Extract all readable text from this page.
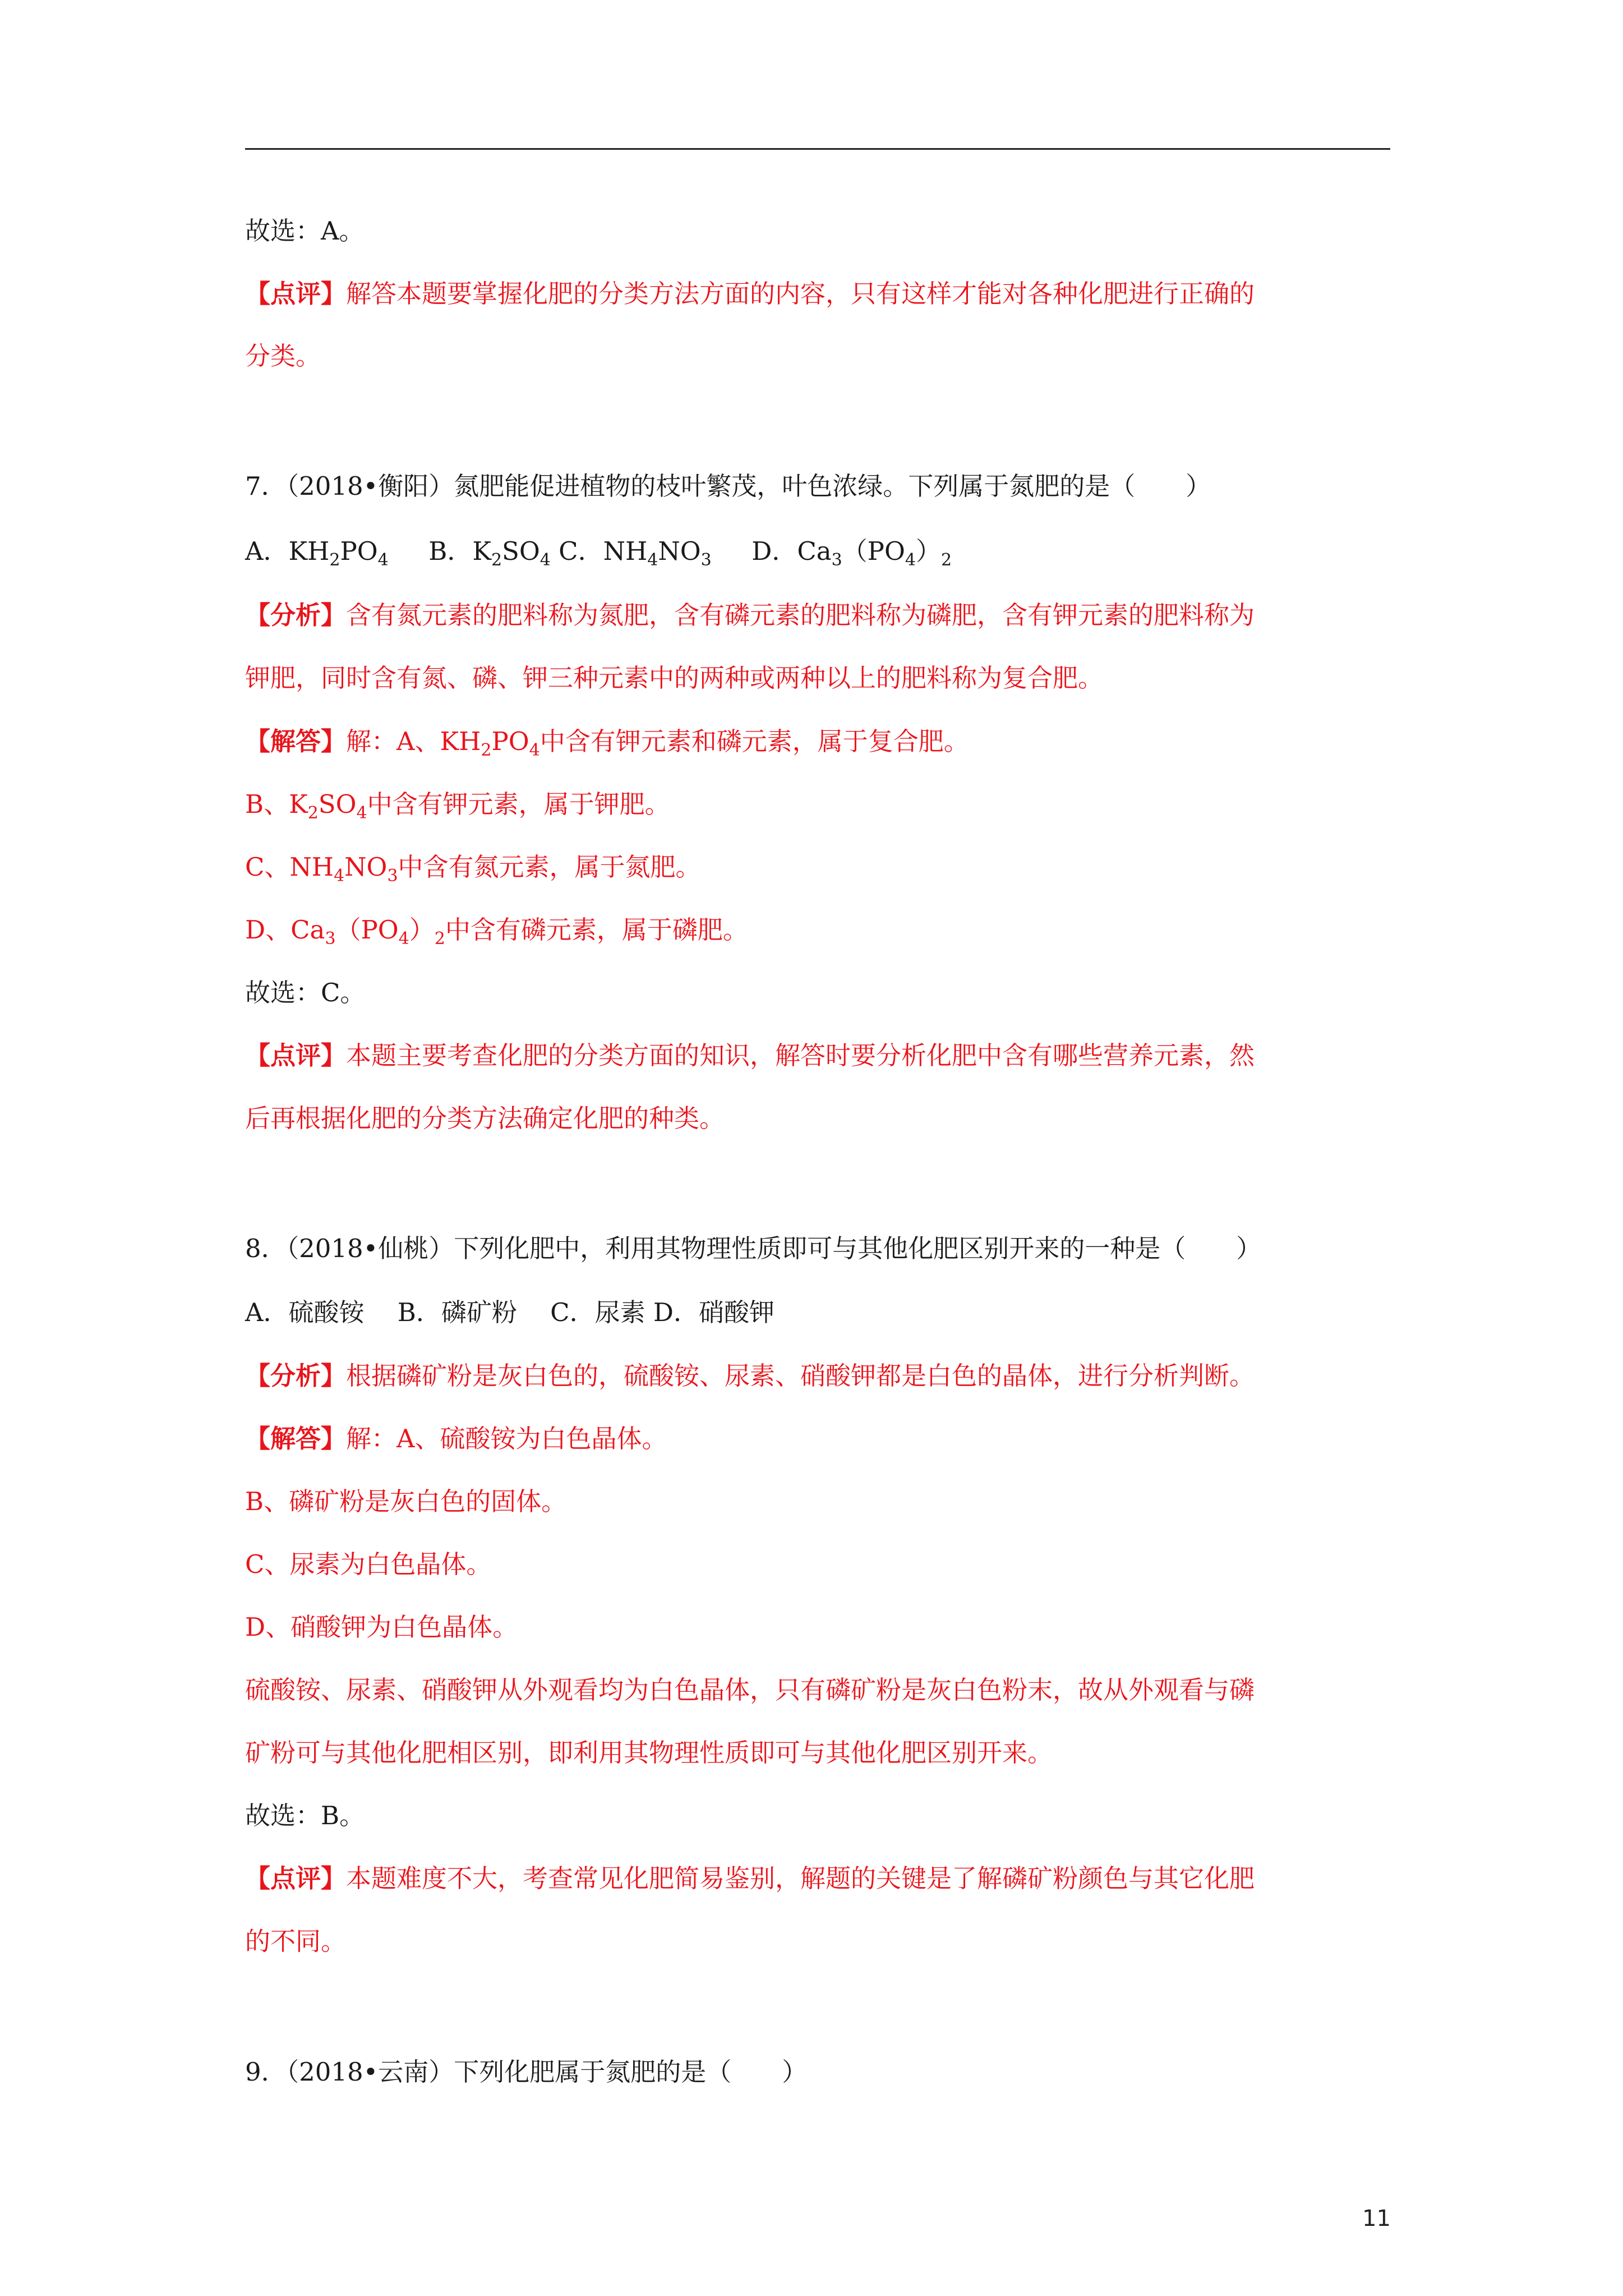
故选：A。
【点评】解答本题要掌握化肥的分类方法方面的内容，只有这样才能对各种化肥进行正确的
分类。
7．（2018•衡阳）氮肥能促进植物的枝叶繁茂，叶色浓绿。下列属于氮肥的是（　　）
A．$KH_2PO_4$ B．$K_2SO_4$ C．$NH_4NO_3$ D．$Ca_3(PO_4)_2$
【分析】含有氮元素的肥料称为氮肥，含有磷元素的肥料称为磷肥，含有钾元素的肥料称为
钾肥，同时含有氮、磷、钾三种元素中的两种或两种以上的肥料称为复合肥。
【解答】解：A、$KH_2PO_4$中含有钾元素和磷元素，属于复合肥。
B、$K_2SO_4$中含有钾元素，属于钾肥。
C、$NH_4NO_3$中含有氮元素，属于氮肥。
D、$Ca_3(PO_4)_2$中含有磷元素，属于磷肥。
故选：C。
【点评】本题主要考查化肥的分类方面的知识，解答时要分析化肥中含有哪些营养元素，然
后再根据化肥的分类方法确定化肥的种类。
8．（2018•仙桃）下列化肥中，利用其物理性质即可与其他化肥区别开来的一种是（　　）
A．硫酸铵　 B．磷矿粉　 C．尿素 D．硝酸钾
【分析】根据磷矿粉是灰白色的，硫酸铵、尿素、硝酸钾都是白色的晶体，进行分析判断。
【解答】解：A、硫酸铵为白色晶体。
B、磷矿粉是灰白色的固体。
C、尿素为白色晶体。
D、硝酸钾为白色晶体。
硫酸铵、尿素、硝酸钾从外观看均为白色晶体，只有磷矿粉是灰白色粉末，故从外观看与磷
矿粉可与其他化肥相区别，即利用其物理性质即可与其他化肥区别开来。
故选：B。
【点评】本题难度不大，考查常见化肥简易鉴别，解题的关键是了解磷矿粉颜色与其它化肥
的不同。
9．（2018•云南）下列化肥属于氮肥的是（　　）
11
